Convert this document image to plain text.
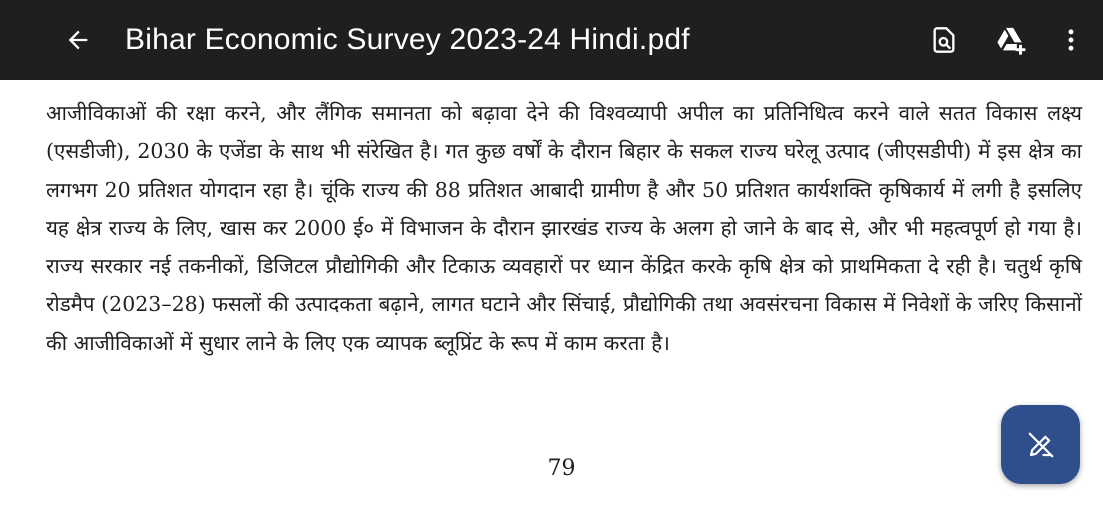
Bihar Economic Survey 2023-24 Hindi.pdf
आजीविकाओं की रक्षा करने, और लैंगिक समानता को बढ़ावा देने की विश्वव्यापी अपील का प्रतिनिधित्व करने वाले सतत विकास लक्ष्य (एसडीजी), 2030 के एजेंडा के साथ भी संरेखित है। गत कुछ वर्षों के दौरान बिहार के सकल राज्य घरेलू उत्पाद (जीएसडीपी) में इस क्षेत्र का लगभग 20 प्रतिशत योगदान रहा है। चूंकि राज्य की 88 प्रतिशत आबादी ग्रामीण है और 50 प्रतिशत कार्यशक्ति कृषिकार्य में लगी है इसलिए यह क्षेत्र राज्य के लिए, खास कर 2000 ई० में विभाजन के दौरान झारखंड राज्य के अलग हो जाने के बाद से, और भी महत्वपूर्ण हो गया है। राज्य सरकार नई तकनीकों, डिजिटल प्रौद्योगिकी और टिकाऊ व्यवहारों पर ध्यान केंद्रित करके कृषि क्षेत्र को प्राथमिकता दे रही है। चतुर्थ कृषि रोडमैप (2023–28) फसलों की उत्पादकता बढ़ाने, लागत घटाने और सिंचाई, प्रौद्योगिकी तथा अवसंरचना विकास में निवेशों के जरिए किसानों की आजीविकाओं में सुधार लाने के लिए एक व्यापक ब्लूप्रिंट के रूप में काम करता है।
79
